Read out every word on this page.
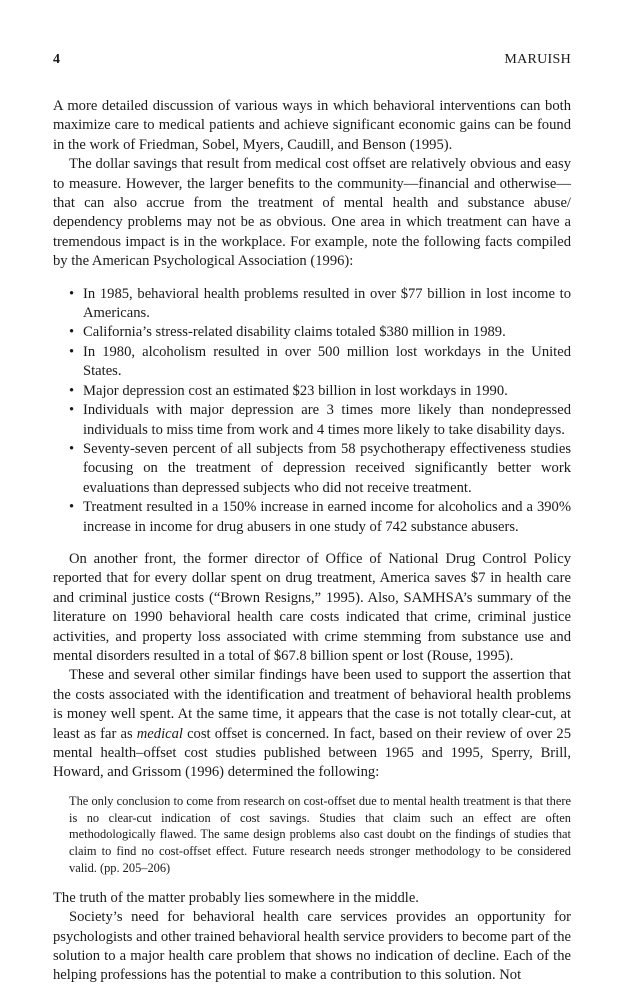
4	MARUISH

A more detailed discussion of various ways in which behavioral interventions can both maximize care to medical patients and achieve significant economic gains can be found in the work of Friedman, Sobel, Myers, Caudill, and Benson (1995).

The dollar savings that result from medical cost offset are relatively obvious and easy to measure. However, the larger benefits to the community—financial and otherwise—that can also accrue from the treatment of mental health and substance abuse/ dependency problems may not be as obvious. One area in which treatment can have a tremendous impact is in the workplace. For example, note the following facts compiled by the American Psychological Association (1996):

• In 1985, behavioral health problems resulted in over $77 billion in lost income to Americans.
• California’s stress-related disability claims totaled $380 million in 1989.
• In 1980, alcoholism resulted in over 500 million lost workdays in the United States.
• Major depression cost an estimated $23 billion in lost workdays in 1990.
• Individuals with major depression are 3 times more likely than nondepressed individuals to miss time from work and 4 times more likely to take disability days.
• Seventy-seven percent of all subjects from 58 psychotherapy effectiveness studies focusing on the treatment of depression received significantly better work evaluations than depressed subjects who did not receive treatment.
• Treatment resulted in a 150% increase in earned income for alcoholics and a 390% increase in income for drug abusers in one study of 742 substance abusers.

On another front, the former director of Office of National Drug Control Policy reported that for every dollar spent on drug treatment, America saves $7 in health care and criminal justice costs (“Brown Resigns,” 1995). Also, SAMHSA’s summary of the literature on 1990 behavioral health care costs indicated that crime, criminal justice activities, and property loss associated with crime stemming from substance use and mental disorders resulted in a total of $67.8 billion spent or lost (Rouse, 1995).

These and several other similar findings have been used to support the assertion that the costs associated with the identification and treatment of behavioral health problems is money well spent. At the same time, it appears that the case is not totally clear-cut, at least as far as medical cost offset is concerned. In fact, based on their review of over 25 mental health–offset cost studies published between 1965 and 1995, Sperry, Brill, Howard, and Grissom (1996) determined the following:

The only conclusion to come from research on cost-offset due to mental health treatment is that there is no clear-cut indication of cost savings. Studies that claim such an effect are often methodologically flawed. The same design problems also cast doubt on the findings of studies that claim to find no cost-offset effect. Future research needs stronger methodology to be considered valid. (pp. 205–206)

The truth of the matter probably lies somewhere in the middle.

Society’s need for behavioral health care services provides an opportunity for psychologists and other trained behavioral health service providers to become part of the solution to a major health care problem that shows no indication of decline. Each of the helping professions has the potential to make a contribution to this solution. Not
